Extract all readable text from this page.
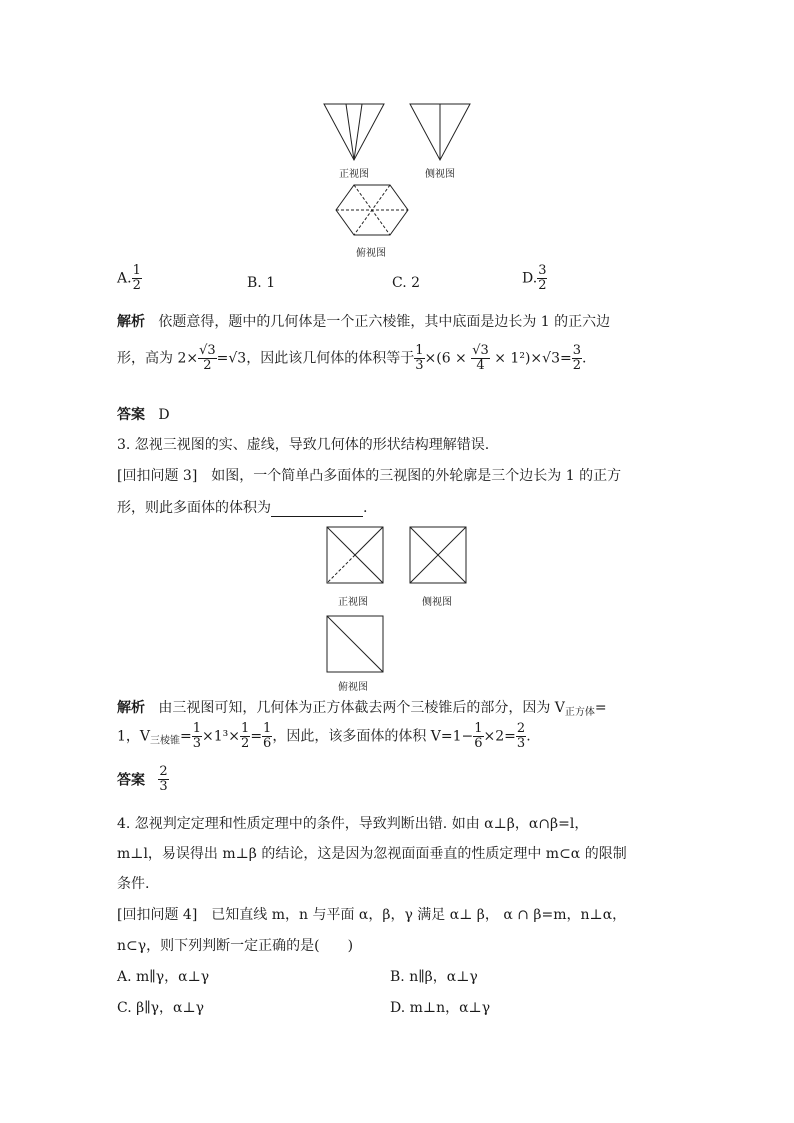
正视图	侧视图
俯视图
A. $\frac{1}{2}$	B. 1	C. 2	D. $\frac{3}{2}$
解析 依题意得，题中的几何体是一个正六棱锥，其中底面是边长为 1 的正六边
形，高为 $2\times \frac{√3}{2} =√3$，因此该几何体的体积等于 $\frac{1}{3} \times(6 \times \frac{√3}{4} \times 1^2)\times√3= \frac{3}{2}$ .
答案 D
3. 忽视三视图的实、虚线，导致几何体的形状结构理解错误.
[回扣问题 3]　如图，一个简单凸多面体的三视图的外轮廓是三个边长为 1 的正方
形，则此多面体的体积为	.
正视图	侧视图
俯视图
解析 由三视图可知，几何体为正方体截去两个三棱锥后的部分，因为 $V_{正方体}=$
1，$V_{三棱锥}= \frac{1}{3} \times 1^3\times \frac{1}{2} = \frac{1}{6}$ ，因此，该多面体的体积 $V=1- \frac{1}{6} \times 2= \frac{2}{3}$ .
答案 $\frac{2}{3}$
4. 忽视判定定理和性质定理中的条件，导致判断出错. 如由 α⊥β，α∩β=l，
m⊥l，易误得出 m⊥β 的结论，这是因为忽视面面垂直的性质定理中 m⊂α 的限制
条件.
[回扣问题 4]　已知直线 m，n 与平面 α，β，γ 满足 α⊥ β， α ∩ β=m，n⊥α，
n⊂γ，则下列判断一定正确的是(　　)
A. m∥γ，α⊥γ	B. n∥β，α⊥γ
C. β∥γ，α⊥γ	D. m⊥n，α⊥γ
